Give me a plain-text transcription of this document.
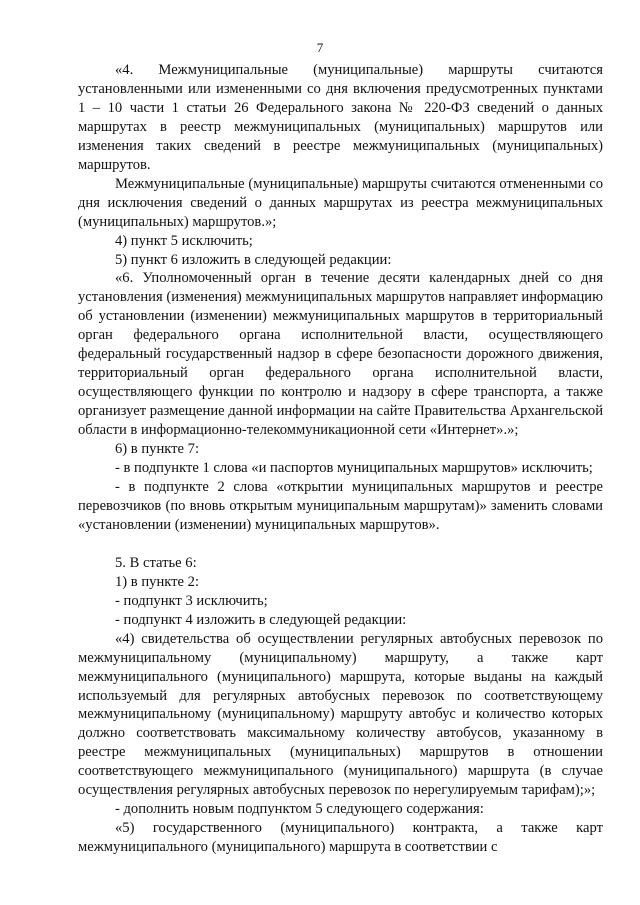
7

«4. Межмуниципальные (муниципальные) маршруты считаются установленными или измененными со дня включения предусмотренных пунктами 1 – 10 части 1 статьи 26 Федерального закона № 220-ФЗ сведений о данных маршрутах в реестр межмуниципальных (муниципальных) маршрутов или изменения таких сведений в реестре межмуниципальных (муниципальных) маршрутов.

Межмуниципальные (муниципальные) маршруты считаются отмененными со дня исключения сведений о данных маршрутах из реестра межмуниципальных (муниципальных) маршрутов.»;

4) пункт 5 исключить;

5) пункт 6 изложить в следующей редакции:

«6. Уполномоченный орган в течение десяти календарных дней со дня установления (изменения) межмуниципальных маршрутов направляет информацию об установлении (изменении) межмуниципальных маршрутов в территориальный орган федерального органа исполнительной власти, осуществляющего федеральный государственный надзор в сфере безопасности дорожного движения, территориальный орган федерального органа исполнительной власти, осуществляющего функции по контролю и надзору в сфере транспорта, а также организует размещение данной информации на сайте Правительства Архангельской области в информационно-телекоммуникационной сети «Интернет».»;

6) в пункте 7:

- в подпункте 1 слова «и паспортов муниципальных маршрутов» исключить;

- в подпункте 2 слова «открытии муниципальных маршрутов и реестре перевозчиков (по вновь открытым муниципальным маршрутам)» заменить словами «установлении (изменении) муниципальных маршрутов».

5. В статье 6:

1) в пункте 2:

- подпункт 3 исключить;

- подпункт 4 изложить в следующей редакции:

«4) свидетельства об осуществлении регулярных автобусных перевозок по межмуниципальному (муниципальному) маршруту, а также карт межмуниципального (муниципального) маршрута, которые выданы на каждый используемый для регулярных автобусных перевозок по соответствующему межмуниципальному (муниципальному) маршруту автобус и количество которых должно соответствовать максимальному количеству автобусов, указанному в реестре межмуниципальных (муниципальных) маршрутов в отношении соответствующего межмуниципального (муниципального) маршрута (в случае осуществления регулярных автобусных перевозок по нерегулируемым тарифам);»;

- дополнить новым подпунктом 5 следующего содержания:

«5) государственного (муниципального) контракта, а также карт межмуниципального (муниципального) маршрута в соответствии с
